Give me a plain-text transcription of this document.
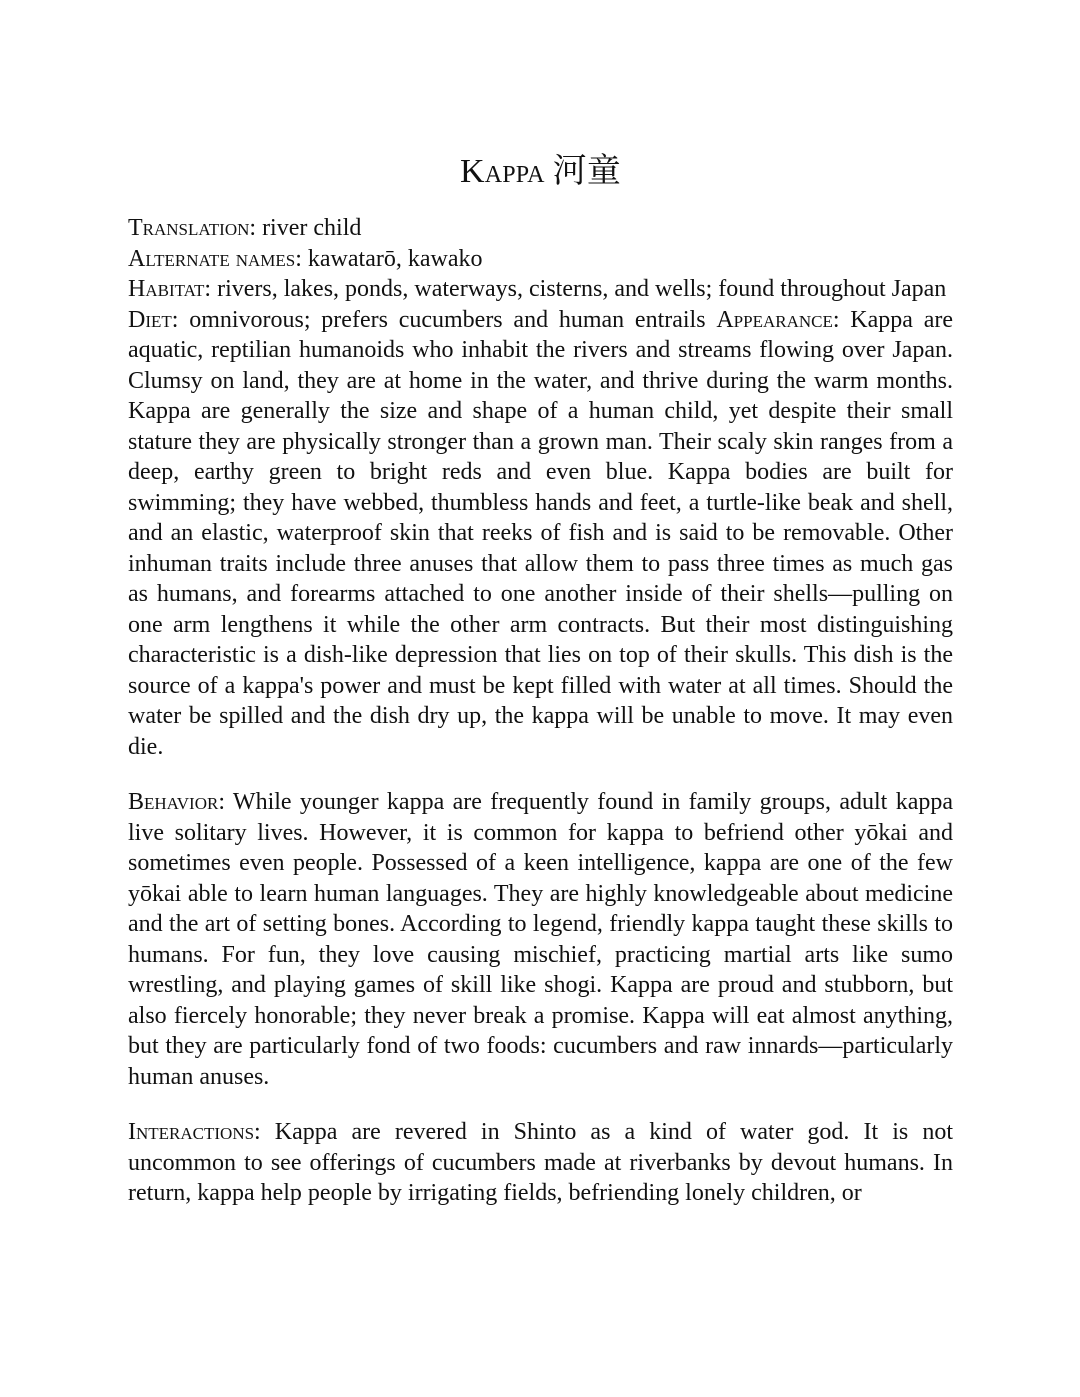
Kappa 河童

Translation: river child

Alternate names: kawatarō, kawako

Habitat: rivers, lakes, ponds, waterways, cisterns, and wells; found throughout Japan

Diet: omnivorous; prefers cucumbers and human entrails Appearance: Kappa are aquatic, reptilian humanoids who inhabit the rivers and streams flowing over Japan. Clumsy on land, they are at home in the water, and thrive during the warm months. Kappa are generally the size and shape of a human child, yet despite their small stature they are physically stronger than a grown man. Their scaly skin ranges from a deep, earthy green to bright reds and even blue. Kappa bodies are built for swimming; they have webbed, thumbless hands and feet, a turtle-like beak and shell, and an elastic, waterproof skin that reeks of fish and is said to be removable. Other inhuman traits include three anuses that allow them to pass three times as much gas as humans, and forearms attached to one another inside of their shells—pulling on one arm lengthens it while the other arm contracts. But their most distinguishing characteristic is a dish-like depression that lies on top of their skulls. This dish is the source of a kappa's power and must be kept filled with water at all times. Should the water be spilled and the dish dry up, the kappa will be unable to move. It may even die.

Behavior: While younger kappa are frequently found in family groups, adult kappa live solitary lives. However, it is common for kappa to befriend other yōkai and sometimes even people. Possessed of a keen intelligence, kappa are one of the few yōkai able to learn human languages. They are highly knowledgeable about medicine and the art of setting bones. According to legend, friendly kappa taught these skills to humans. For fun, they love causing mischief, practicing martial arts like sumo wrestling, and playing games of skill like shogi. Kappa are proud and stubborn, but also fiercely honorable; they never break a promise. Kappa will eat almost anything, but they are particularly fond of two foods: cucumbers and raw innards—particularly human anuses.

Interactions: Kappa are revered in Shinto as a kind of water god. It is not uncommon to see offerings of cucumbers made at riverbanks by devout humans. In return, kappa help people by irrigating fields, befriending lonely children, or
